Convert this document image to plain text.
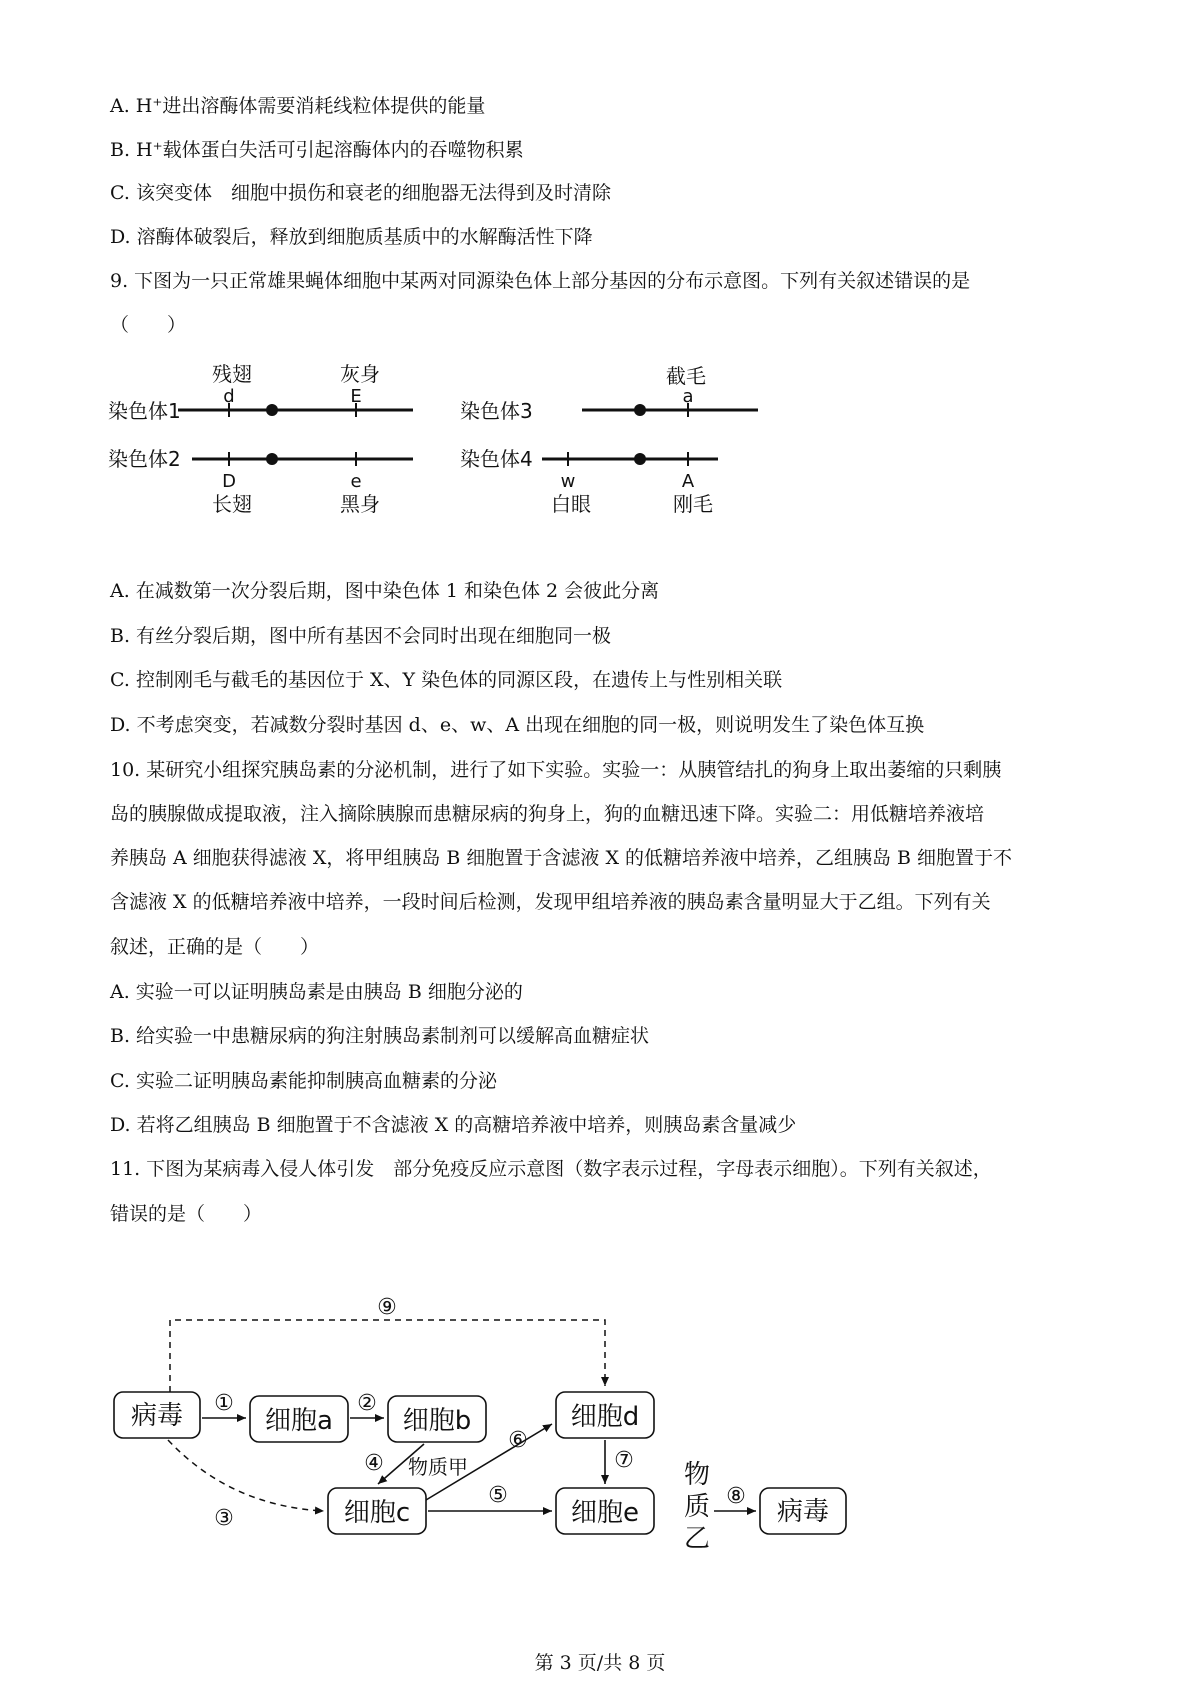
A. H⁺进出溶酶体需要消耗线粒体提供的能量
B. H⁺载体蛋白失活可引起溶酶体内的吞噬物积累
C. 该突变体　细胞中损伤和衰老的细胞器无法得到及时清除
D. 溶酶体破裂后，释放到细胞质基质中的水解酶活性下降
9. 下图为一只正常雄果蝇体细胞中某两对同源染色体上部分基因的分布示意图。下列有关叙述错误的是
（　　）
染色体1
残翅
d
灰身
E
染色体2
D
长翅
e
黑身
染色体3
截毛
a
染色体4
w
白眼
A
刚毛
A. 在减数第一次分裂后期，图中染色体 1 和染色体 2 会彼此分离
B. 有丝分裂后期，图中所有基因不会同时出现在细胞同一极
C. 控制刚毛与截毛的基因位于 X、Y 染色体的同源区段，在遗传上与性别相关联
D. 不考虑突变，若减数分裂时基因 d、e、w、A 出现在细胞的同一极，则说明发生了染色体互换
10. 某研究小组探究胰岛素的分泌机制，进行了如下实验。实验一：从胰管结扎的狗身上取出萎缩的只剩胰
岛的胰腺做成提取液，注入摘除胰腺而患糖尿病的狗身上，狗的血糖迅速下降。实验二：用低糖培养液培
养胰岛 A 细胞获得滤液 X，将甲组胰岛 B 细胞置于含滤液 X 的低糖培养液中培养，乙组胰岛 B 细胞置于不
含滤液 X 的低糖培养液中培养，一段时间后检测，发现甲组培养液的胰岛素含量明显大于乙组。下列有关
叙述，正确的是（　　）
A. 实验一可以证明胰岛素是由胰岛 B 细胞分泌的
B. 给实验一中患糖尿病的狗注射胰岛素制剂可以缓解高血糖症状
C. 实验二证明胰岛素能抑制胰高血糖素的分泌
D. 若将乙组胰岛 B 细胞置于不含滤液 X 的高糖培养液中培养，则胰岛素含量减少
11. 下图为某病毒入侵人体引发　部分免疫反应示意图（数字表示过程，字母表示细胞）。下列有关叙述，
错误的是（　　）
病毒	细胞a	细胞b	细胞d
细胞c	细胞e	病毒
⑨
①	②
④ 物质甲
③
⑥
⑤
⑦ 物
质
乙
⑧
第 3 页/共 8 页
